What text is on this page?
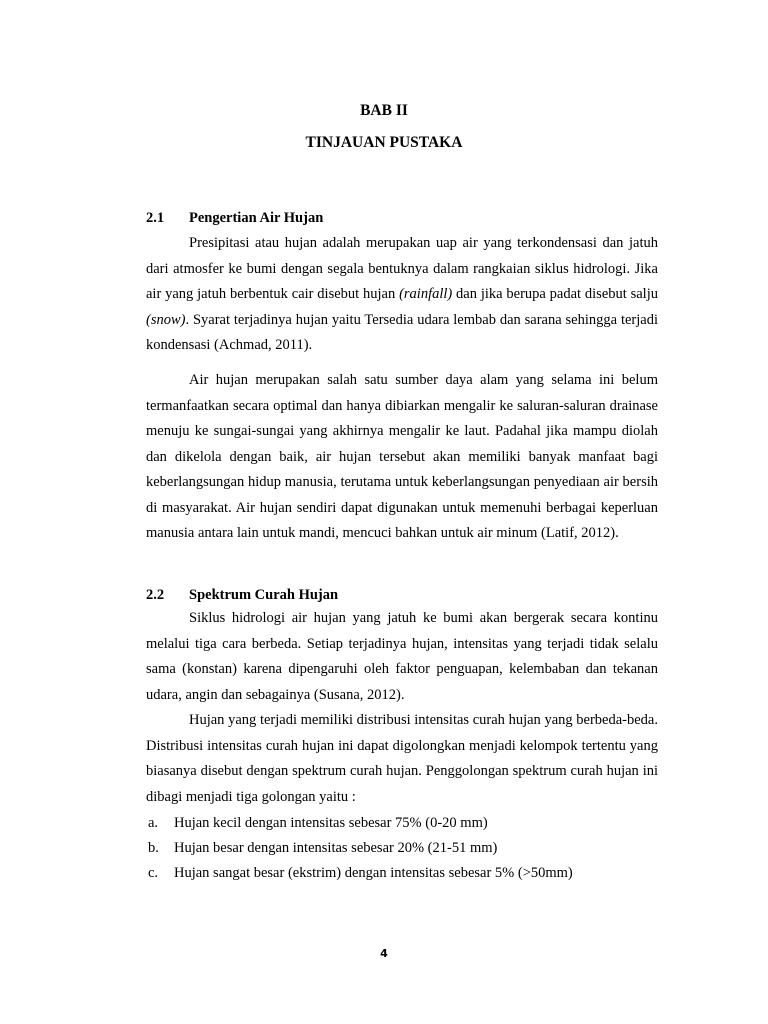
BAB II
TINJAUAN PUSTAKA
2.1 Pengertian Air Hujan

Presipitasi atau hujan adalah merupakan uap air yang terkondensasi dan jatuh dari atmosfer ke bumi dengan segala bentuknya dalam rangkaian siklus hidrologi. Jika air yang jatuh berbentuk cair disebut hujan (rainfall) dan jika berupa padat disebut salju (snow). Syarat terjadinya hujan yaitu Tersedia udara lembab dan sarana sehingga terjadi kondensasi (Achmad, 2011).

Air hujan merupakan salah satu sumber daya alam yang selama ini belum termanfaatkan secara optimal dan hanya dibiarkan mengalir ke saluran-saluran drainase menuju ke sungai-sungai yang akhirnya mengalir ke laut. Padahal jika mampu diolah dan dikelola dengan baik, air hujan tersebut akan memiliki banyak manfaat bagi keberlangsungan hidup manusia, terutama untuk keberlangsungan penyediaan air bersih di masyarakat. Air hujan sendiri dapat digunakan untuk memenuhi berbagai keperluan manusia antara lain untuk mandi, mencuci bahkan untuk air minum (Latif, 2012).

2.2 Spektrum Curah Hujan

Siklus hidrologi air hujan yang jatuh ke bumi akan bergerak secara kontinu melalui tiga cara berbeda. Setiap terjadinya hujan, intensitas yang terjadi tidak selalu sama (konstan) karena dipengaruhi oleh faktor penguapan, kelembaban dan tekanan udara, angin dan sebagainya (Susana, 2012).

Hujan yang terjadi memiliki distribusi intensitas curah hujan yang berbeda-beda. Distribusi intensitas curah hujan ini dapat digolongkan menjadi kelompok tertentu yang biasanya disebut dengan spektrum curah hujan. Penggolongan spektrum curah hujan ini dibagi menjadi tiga golongan yaitu :

a. Hujan kecil dengan intensitas sebesar 75% (0-20 mm)
b. Hujan besar dengan intensitas sebesar 20% (21-51 mm)
c. Hujan sangat besar (ekstrim) dengan intensitas sebesar 5% (>50mm)
4
